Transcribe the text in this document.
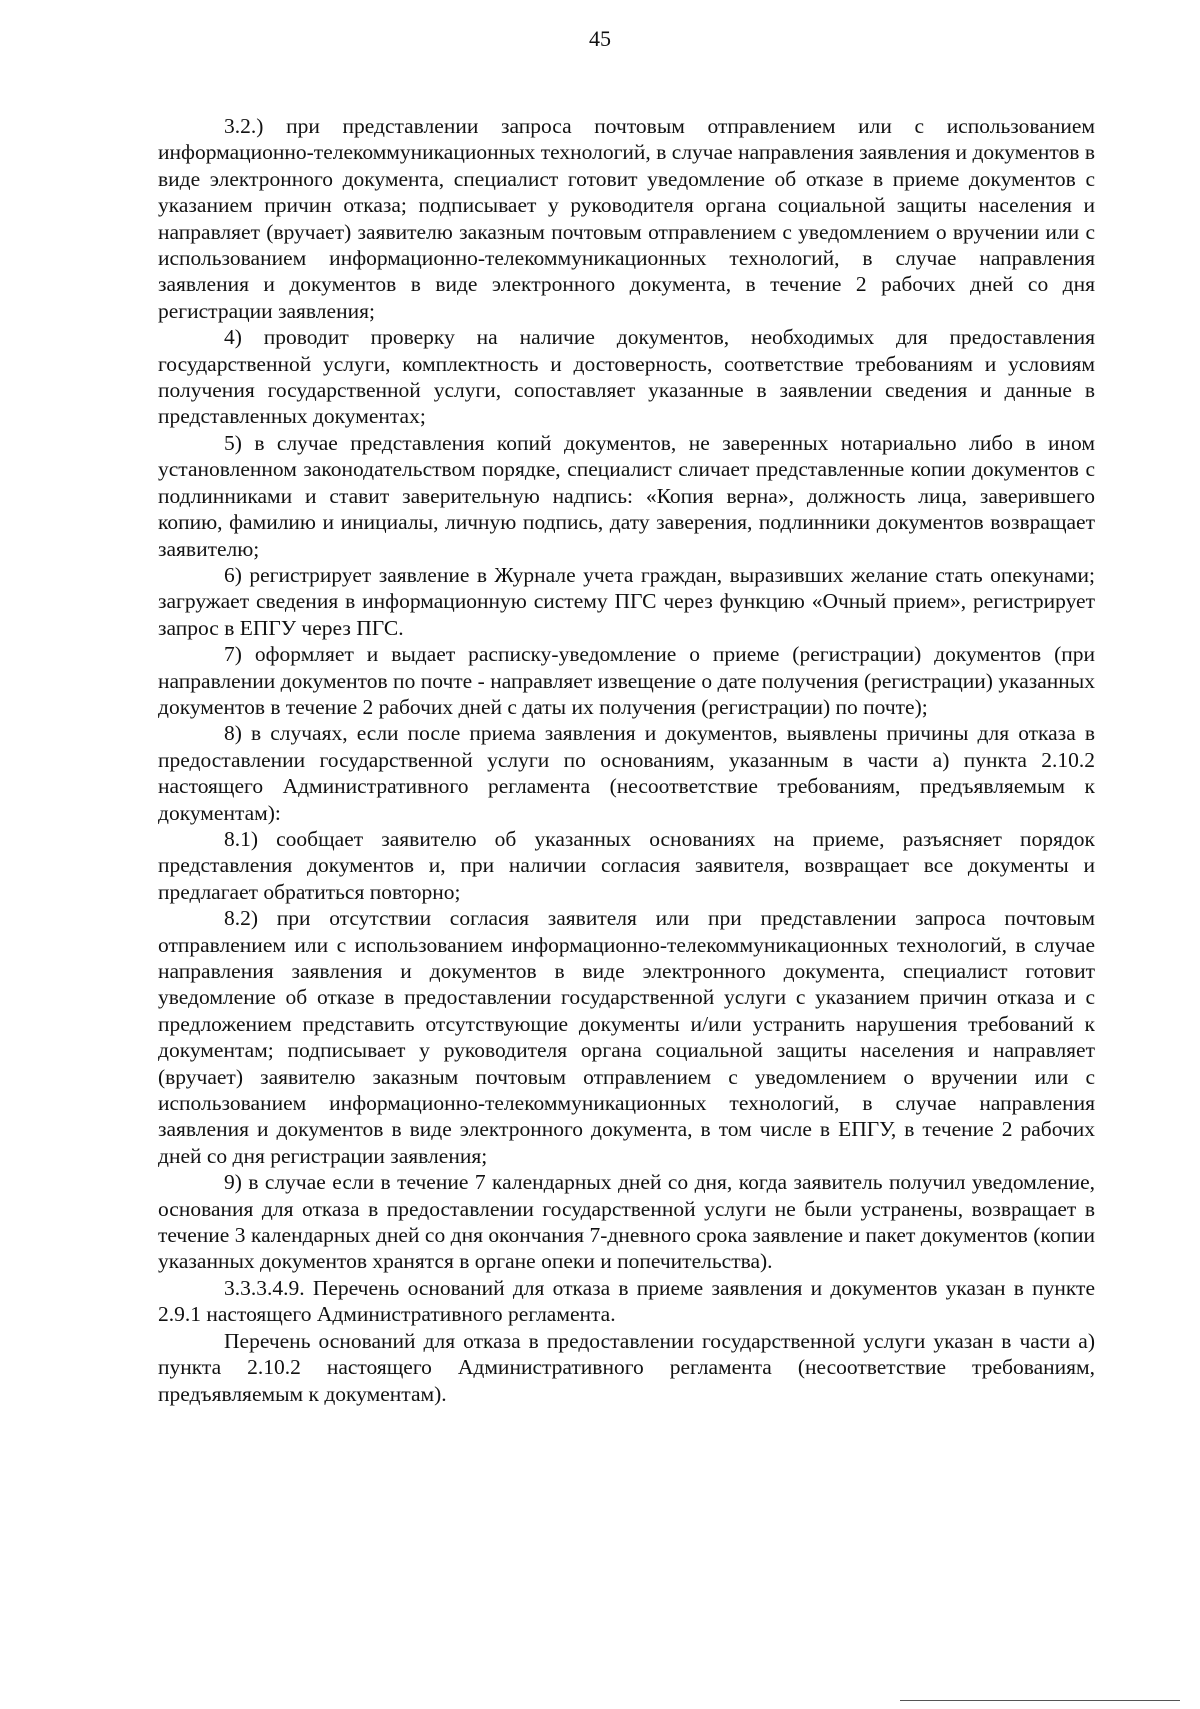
45

3.2.) при представлении запроса почтовым отправлением или с использованием информационно-телекоммуникационных технологий, в случае направления заявления и документов в виде электронного документа, специалист готовит уведомление об отказе в приеме документов с указанием причин отказа; подписывает у руководителя органа социальной защиты населения и направляет (вручает) заявителю заказным почтовым отправлением с уведомлением о вручении или с использованием информационно-телекоммуникационных технологий, в случае направления заявления и документов в виде электронного документа, в течение 2 рабочих дней со дня регистрации заявления;

4) проводит проверку на наличие документов, необходимых для предоставления государственной услуги, комплектность и достоверность, соответствие требованиям и условиям получения государственной услуги, сопоставляет указанные в заявлении сведения и данные в представленных документах;

5) в случае представления копий документов, не заверенных нотариально либо в ином установленном законодательством порядке, специалист сличает представленные копии документов с подлинниками и ставит заверительную надпись: «Копия верна», должность лица, заверившего копию, фамилию и инициалы, личную подпись, дату заверения, подлинники документов возвращает заявителю;

6) регистрирует заявление в Журнале учета граждан, выразивших желание стать опекунами; загружает сведения в информационную систему ПГС через функцию «Очный прием», регистрирует запрос в ЕПГУ через ПГС.

7) оформляет и выдает расписку-уведомление о приеме (регистрации) документов (при направлении документов по почте - направляет извещение о дате получения (регистрации) указанных документов в течение 2 рабочих дней с даты их получения (регистрации) по почте);

8) в случаях, если после приема заявления и документов, выявлены причины для отказа в предоставлении государственной услуги по основаниям, указанным в части а) пункта 2.10.2 настоящего Административного регламента (несоответствие требованиям, предъявляемым к документам):

8.1) сообщает заявителю об указанных основаниях на приеме, разъясняет порядок представления документов и, при наличии согласия заявителя, возвращает все документы и предлагает обратиться повторно;

8.2) при отсутствии согласия заявителя или при представлении запроса почтовым отправлением или с использованием информационно-телекоммуникационных технологий, в случае направления заявления и документов в виде электронного документа, специалист готовит уведомление об отказе в предоставлении государственной услуги с указанием причин отказа и с предложением представить отсутствующие документы и/или устранить нарушения требований к документам; подписывает у руководителя органа социальной защиты населения и направляет (вручает) заявителю заказным почтовым отправлением с уведомлением о вручении или с использованием информационно-телекоммуникационных технологий, в случае направления заявления и документов в виде электронного документа, в том числе в ЕПГУ, в течение 2 рабочих дней со дня регистрации заявления;

9) в случае если в течение 7 календарных дней со дня, когда заявитель получил уведомление, основания для отказа в предоставлении государственной услуги не были устранены, возвращает в течение 3 календарных дней со дня окончания 7-дневного срока заявление и пакет документов (копии указанных документов хранятся в органе опеки и попечительства).

3.3.3.4.9. Перечень оснований для отказа в приеме заявления и документов указан в пункте 2.9.1 настоящего Административного регламента.

Перечень оснований для отказа в предоставлении государственной услуги указан в части а) пункта 2.10.2 настоящего Административного регламента (несоответствие требованиям, предъявляемым к документам).
